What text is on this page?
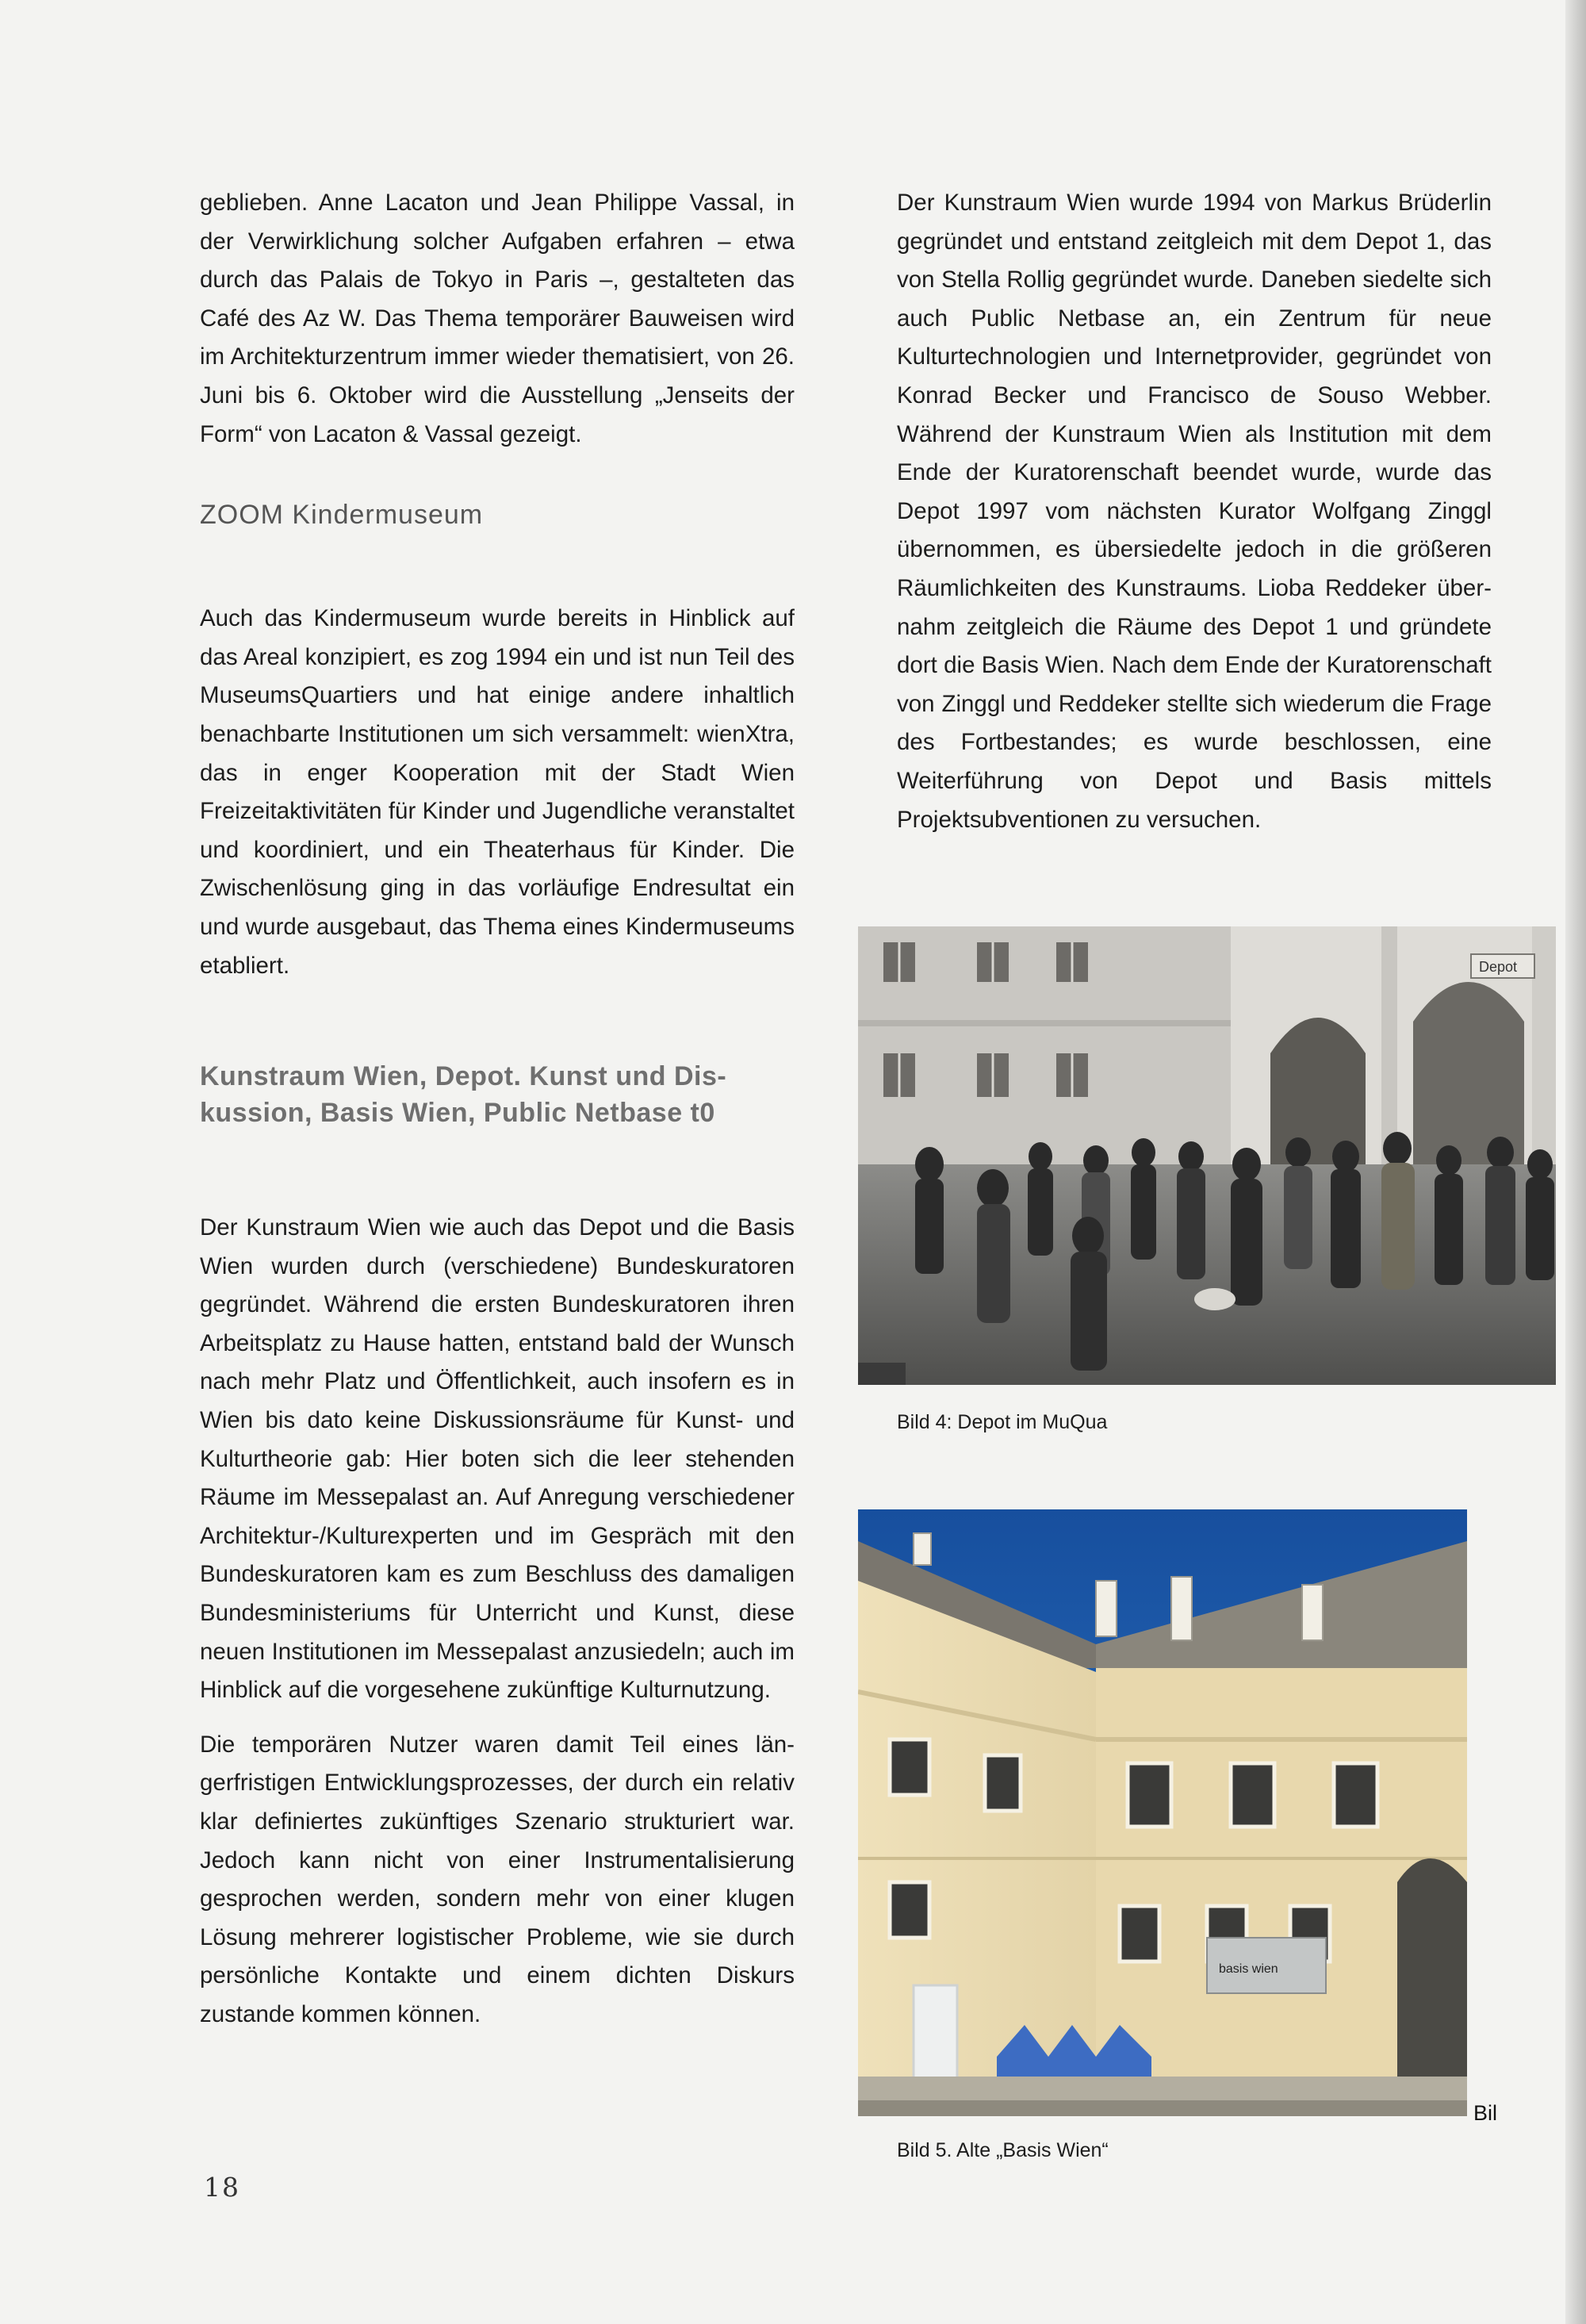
geblieben. Anne Lacaton und Jean Philippe Vassal, in der Verwirklichung solcher Aufgaben erfahren – etwa durch das Palais de Tokyo in Paris –, gestalteten das Café des Az W. Das Thema temporärer Bauweisen wird im Architekturzentrum immer wieder thematisiert, von 26. Juni bis 6. Oktober wird die Ausstellung „Jenseits der Form“ von Lacaton & Vassal gezeigt.

ZOOM Kindermuseum

Auch das Kindermuseum wurde bereits in Hinblick auf das Areal konzipiert, es zog 1994 ein und ist nun Teil des MuseumsQuartiers und hat einige andere inhaltlich benachbarte Institutionen um sich versammelt: wienXtra, das in enger Kooperation mit der Stadt Wien Freizeitaktivitäten für Kinder und Jugendliche veranstaltet und koordiniert, und ein Theaterhaus für Kinder. Die Zwischenlösung ging in das vorläufige Endresultat ein und wurde ausgebaut, das Thema eines Kindermuseums etabliert.

Kunstraum Wien, Depot. Kunst und Diskussion, Basis Wien, Public Netbase t0

Der Kunstraum Wien wie auch das Depot und die Basis Wien wurden durch (verschiedene) Bundeskuratoren gegründet. Während die ersten Bundeskuratoren ihren Arbeitsplatz zu Hause hatten, entstand bald der Wunsch nach mehr Platz und Öffentlichkeit, auch insofern es in Wien bis dato keine Diskussionsräume für Kunst- und Kulturtheorie gab: Hier boten sich die leer stehenden Räume im Messepalast an. Auf Anregung verschiedener Architektur-/Kulturexperten und im Gespräch mit den Bundeskuratoren kam es zum Beschluss des damaligen Bundesministeriums für Unterricht und Kunst, diese neuen Institutionen im Messepalast anzusiedeln; auch im Hinblick auf die vorgesehene zukünftige Kulturnutzung.

Die temporären Nutzer waren damit Teil eines längerfristigen Entwicklungsprozesses, der durch ein relativ klar definiertes zukünftiges Szenario strukturiert war. Jedoch kann nicht von einer Instrumentalisierung gesprochen werden, sondern mehr von einer klugen Lösung mehrerer logistischer Probleme, wie sie durch persönliche Kontakte und einem dichten Diskurs zustande kommen können.

Der Kunstraum Wien wurde 1994 von Markus Brüderlin gegründet und entstand zeitgleich mit dem Depot 1, das von Stella Rollig gegründet wurde. Daneben siedelte sich auch Public Netbase an, ein Zentrum für neue Kulturtechnologien und Internetprovider, gegründet von Konrad Becker und Francisco de Souso Webber. Während der Kunstraum Wien als Institution mit dem Ende der Kuratorenschaft beendet wurde, wurde das Depot 1997 vom nächsten Kurator Wolfgang Zinggl übernommen, es übersiedelte jedoch in die größeren Räumlichkeiten des Kunstraums. Lioba Reddeker übernahm zeitgleich die Räume des Depot 1 und gründete dort die Basis Wien. Nach dem Ende der Kuratorenschaft von Zinggl und Reddeker stellte sich wiederum die Frage des Fortbestandes; es wurde beschlossen, eine Weiterführung von Depot und Basis mittels Projektsubventionen zu versuchen.

Depot
Bild 4: Depot im MuQua
basis wien
Bil
Bild 5. Alte „Basis Wien“
18
